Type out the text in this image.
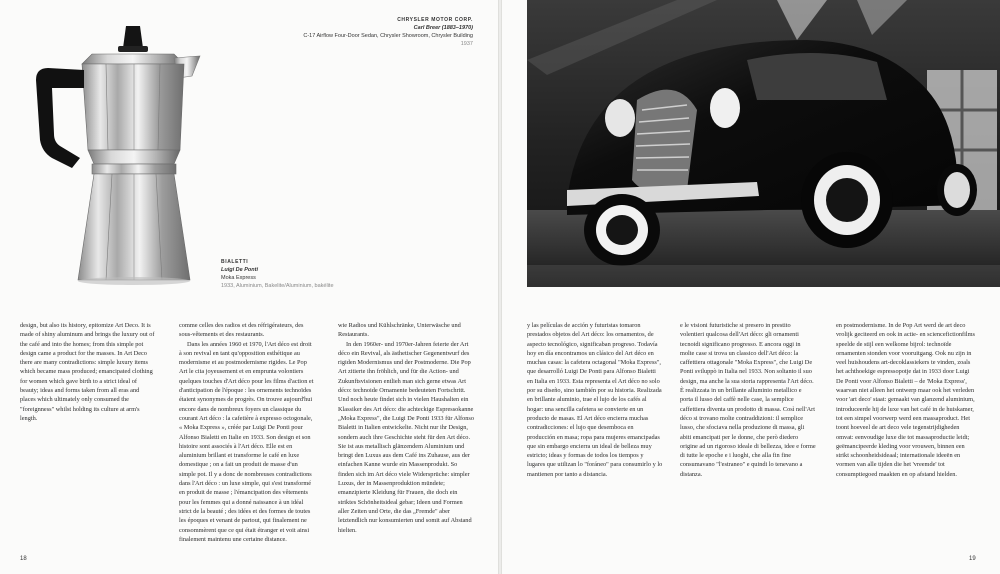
BIALETTI
Luigi De Ponti
Moka Express
1933, Aluminium, Bakelite/Aluminium, bakélite
CHRYSLER MOTOR CORP.
Carl Breer (1883–1970)
C-17 Airflow Four-Door Sedan, Chrysler Showroom, Chrysler Building
1937

design, but also its history, epitomize Art Deco. It is made of shiny aluminum and brings the luxury out of the café and into the homes; from this simple pot design came a product for the masses. In Art Deco there are many contradictions: simple luxury items which became mass produced; emancipated clothing for women which gave birth to a strict ideal of beauty; ideas and forms taken from all eras and places which ultimately only consumed the "foreignness" whilst holding its culture at arm's length.

comme celles des radios et des réfrigérateurs, des sous-vêtements et des restaurants.

Dans les années 1960 et 1970, l'Art déco est droit à son revival en tant qu'opposition esthétique au modernisme et au postmodernisme rigides. Le Pop Art le cita joyeusement et en emprunta volontiers quelques touches d'Art déco pour les films d'action et d'anticipation de l'époque : les ornements technoïdes étaient synonymes de progrès. On trouve aujourd'hui encore dans de nombreux foyers un classique du courant Art déco : la cafetière à expresso octogonale, « Moka Express », créée par Luigi De Ponti pour Alfonso Bialetti en Italie en 1933. Son design et son histoire sont associés à l'Art déco. Elle est en aluminium brillant et transforme le café en luxe domestique ; on a fait un produit de masse d'un simple pot. Il y a donc de nombreuses contradictions dans l'Art déco : un luxe simple, qui s'est transformé en produit de masse ; l'émancipation des vêtements pour les femmes qui a donné naissance à un idéal strict de la beauté ; des idées et des formes de toutes les époques et venant de partout, qui finalement ne consommèrent que ce qui était étranger et voit ainsi finalement maintenu une certaine distance.

wie Radios und Kühlschränke, Unterwäsche und Restaurants.

In den 1960er- und 1970er-Jahren feierte der Art déco ein Revival, als ästhetischer Gegenentwurf des rigiden Modernismus und der Postmoderne. Die Pop Art zitierte ihn fröhlich, und für die Action- und Zukunftsvisionen entlieh man sich gerne etwas Art déco: technoide Ornamente bedeuteten Fortschritt. Und noch heute findet sich in vielen Haushalten ein Klassiker des Art déco: die achteckige Espressokanne „Moka Express", die Luigi De Ponti 1933 für Alfonso Bialetti in Italien entwickelte. Nicht nur ihr Design, sondern auch ihre Geschichte steht für den Art déco. Sie ist aus metallisch glänzendem Aluminium und bringt den Luxus aus dem Café ins Zuhause, aus der einfachen Kanne wurde ein Massenprodukt. So finden sich im Art déco viele Widersprüche: simpler Luxus, der in Massenproduktion mündete; emanzipierte Kleidung für Frauen, die doch ein striktes Schönheitsideal gebar; Ideen und Formen aller Zeiten und Orte, die das „Fremde" aber letztendlich nur konsumierten und somit auf Abstand hielten.

y las películas de acción y futuristas tomaron prestados objetos del Art déco: los ornamentos, de aspecto tecnológico, significaban progreso. Todavía hoy en día encontramos un clásico del Art déco en muchas casas: la cafetera octagonal "Moka Express", que desarrolló Luigi De Ponti para Alfonso Bialetti en Italia en 1933. Esta representa el Art déco no solo por su diseño, sino también por su historia. Realizada en brillante aluminio, trae el lujo de los cafés al hogar: una sencilla cafetera se convierte en un producto de masas. El Art déco encierra muchas contradicciones: el lujo que desemboca en producción en masa; ropa para mujeres emancipadas que sin embargo encierra un ideal de belleza muy estricto; ideas y formas de todos los tiempos y lugares que utilizan lo "foráneo" para consumirlo y lo mantienen por tanto a distancia.

e le visioni futuristiche si presero in prestito volentieri qualcosa dell'Art déco: gli ornamenti tecnoidi significano progresso. E ancora oggi in molte case si trova un classico dell'Art déco: la caffettiera ottagonale "Moka Express", che Luigi De Ponti sviluppò in Italia nel 1933. Non soltanto il suo design, ma anche la sua storia rappresenta l'Art déco. È realizzata in un brillante alluminio metallico e porta il lusso del caffè nelle case, la semplice caffettiera diventa un prodotto di massa. Così nell'Art déco si trovano molte contraddizioni: il semplice lusso, che sfociava nella produzione di massa, gli abiti emancipati per le donne, che però diedero origine ad un rigoroso ideale di bellezza, idee e forme di tutte le epoche e i luoghi, che alla fin fine consumavano "l'estraneo" e quindi lo tenevano a distanza.

en postmodernisme. In de Pop Art werd de art deco vrolijk geciteerd en ook in actie- en sciencefictionfilms speelde de stijl een welkome bijrol: technoïde ornamenten stonden voor vooruitgang. Ook nu zijn in veel huishoudens art-decoklassiekers te vinden, zoals het achthoekige espressopotje dat in 1933 door Luigi De Ponti voor Alfonso Bialetti – de 'Moka Express', waarvan niet alleen het ontwerp maar ook het verleden voor 'art deco' staat: gemaakt van glanzend aluminium, introduceerde hij de luxe van het café in de huiskamer, tot een simpel voorwerp werd een massaproduct. Het toont hoeveel de art deco vele tegenstrijdigheden omvat: eenvoudige luxe die tot massaproductie leidt; geëmancipeerde kleding voor vrouwen, binnen een strikt schoonheidsideaal; internationale ideeën en vormen van alle tijden die het 'vreemde' tot consumptiegoed maakten en op afstand hielden.

18	19
